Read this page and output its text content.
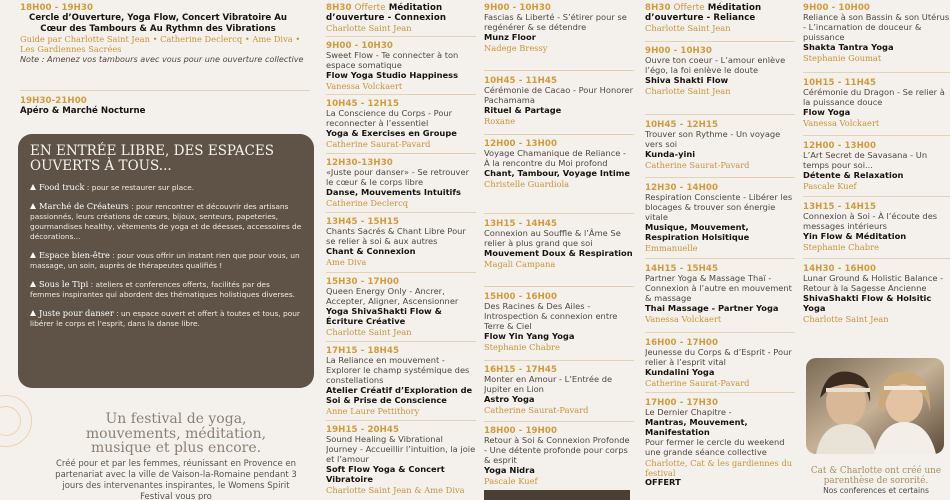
18H00 - 19H30
Cercle d’Ouverture, Yoga Flow, Concert Vibratoire Au Cœur des Tambours & Au Rythmn des Vibrations
Guide par Charlotte Saint Jean • Catherine Declercq • Ame Diva • Les Gardiennes Sacrées
Note : Amenez vos tambours avec vous pour une ouverture collective
19H30-21H00
Apéro & Marché Nocturne
EN ENTRÉE LIBRE, DES ESPACES OUVERTS À TOUS...
Food truck : pour se restaurer sur place.
Marché de Créateurs : pour rencontrer et découvrir des artisans passionnés, leurs créations de cœurs, bijoux, senteurs, papeteries, gourmandises healthy, vêtements de yoga et de déesses, accessoires de décorations...
Espace bien-être : pour vous offrir un instant rien que pour vous, un massage, un soin, auprès de thérapeutes qualifiés !
Sous le Tipi : ateliers et conferences offerts, facilités par des femmes inspirantes qui abordent des thématiques holistiques diverses.
Juste pour danser : un espace ouvert et offert à toutes et tous, pour libérer le corps et l’esprit, dans la danse libre.
Un festival de yoga, mouvements, méditation, musique et plus encore.
Créé pour et par les femmes, réunissant en Provence en partenariat avec la ville de Vaison-la-Romaine pendant 3 jours des intervenantes inspirantes, le Womens Spirit Festival vous pro
8H30 Offerte Méditation d’ouverture - Connexion
Charlotte Saint Jean
9H00 - 10H30
Sweet Flow - Te connecter à ton espace somatique
Flow Yoga Studio Happiness
Vanessa Volckaert
10H45 - 12H15
La Conscience du Corps - Pour reconnecter à l’essentiel
Yoga & Exercises en Groupe
Catherine Saurat-Pavard
12H30-13H30
«Juste pour danser» - Se retrouver le cœur & le corps libre
Danse, Mouvements Intuitifs
Catherine Declercq
13H45 - 15H15
Chants Sacrés & Chant Libre Pour se relier à soi & aux autres
Chant & Connexion
Ame Diva
15H30 - 17H00
Queen Energy Only - Ancrer, Accepter, Aligner, Ascensionner
Yoga ShivaShakti Flow & Écriture Créative
Charlotte Saint Jean
17H15 - 18H45
La Reliance en mouvement - Explorer le champ systémique des constellations
Atelier Créatif d’Exploration de Soi & Prise de Conscience
Anne Laure Pettithory
19H15 - 20H45
Sound Healing & Vibrational Journey - Accueillir l’intuition, la joie et l’amour
Soft Flow Yoga & Concert Vibratoire
Charlotte Saint Jean & Ame Diva
9H00 - 10H30
Fascias & Liberté - S’étirer pour se regénérer & se détendre
Munz Floor
Nadege Bressy
10H45 - 11H45
Cérémonie de Cacao - Pour Honorer Pachamama
Rituel & Partage
Roxane
12H00 - 13H00
Voyage Chamanique de Reliance - À la rencontre du Moi profond
Chant, Tambour, Voyage Intime
Christelle Guardiola
13H15 - 14H45
Connexion au Souffle & l’Âme Se relier à plus grand que soi
Mouvement Doux & Respiration
Magali Campana
15H00 - 16H00
Des Racines & Des Ailes - Introspection & connexion entre Terre & Ciel
Flow Yin Yang Yoga
Stephanie Chabre
16H15 - 17H45
Monter en Amour - L’Entrée de Jupiter en Lion
Astro Yoga
Catherine Saurat-Pavard
18H00 - 19H00
Retour à Soi & Connexion Profonde - Une détente profonde pour corps & esprit
Yoga Nidra
Pascale Kuef
8H30 Offerte Méditation d’ouverture - Reliance
Charlotte Saint Jean
9H00 - 10H30
Ouvre ton coeur - L’amour enlève l’égo, la foi enlève le doute
Shiva Shakti Flow
Charlotte Saint Jean
10H45 - 12H15
Trouver son Rythme - Un voyage vers soi
Kunda-yini
Catherine Saurat-Pavard
12H30 - 14H00
Respiration Consciente - Libérer les blocages & trouver son énergie vitale
Musique, Mouvement, Respiration Holsitique
Emmanuelle
14H15 - 15H45
Partner Yoga & Massage Thaï - Connexion à l’autre en mouvement & massage
Thai Massage - Partner Yoga
Vanessa Volckaert
16H00 - 17H00
Jeunesse du Corps & d’Esprit - Pour relier à l’esprit vital
Kundalini Yoga
Catherine Saurat-Pavard
17H00 - 17H30
Le Dernier Chapitre -
Mantras, Mouvement, Manifestation
Pour fermer le cercle du weekend une grande séance collective
Charlotte, Cat & les gardiennes du festival
OFFERT
9H00 - 10H00
Reliance à son Bassin & son Utérus - L’incarnation de douceur & puissance
Shakta Tantra Yoga
Stephanie Goumat
10H15 - 11H45
Cérémonie du Dragon - Se relier à la puissance douce
Flow Yoga
Vanessa Volckaert
12H00 - 13H00
L’Art Secret de Savasana - Un temps pour soi...
Détente & Relaxation
Pascale Kuef
13H15 - 14H15
Connexion à Soi - À l’écoute des messages intérieurs
Yin Flow & Méditation
Stephanie Chabre
14H30 - 16H00
Lunar Ground & Holistic Balance - Retour à la Sagesse Ancienne
ShivaShakti Flow & Holsitic Yoga
Charlotte Saint Jean
Cat & Charlotte ont créé une parenthèse de sororité.
Nos conferences et certains
